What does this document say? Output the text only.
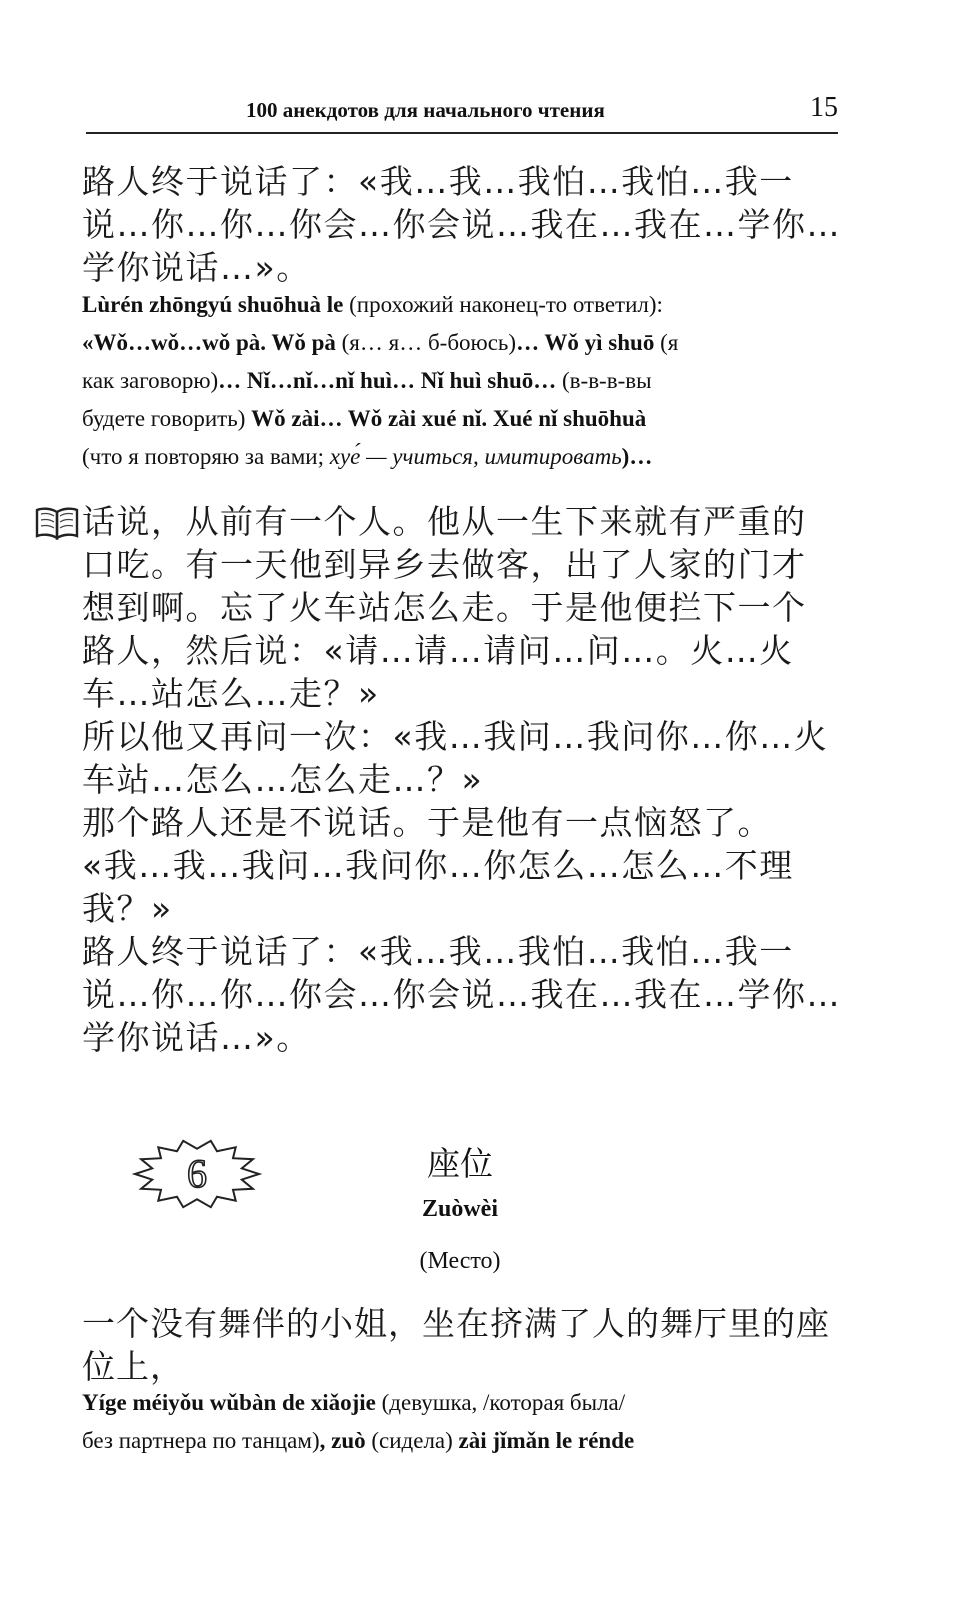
100 анекдотов для начального чтения	15
路人终于说话了：«我…我…我怕…我怕…我一
说…你…你…你会…你会说…我在…我在…学你…
学你说话…»。
Lùrén zhōngyú shuōhuà le (прохожий наконец-то ответил):
«Wǒ…wǒ…wǒ pà. Wǒ pà (я… я… б-боюсь)… Wǒ yì shuō (я
как заговорю)… Nǐ…nǐ…nǐ huì… Nǐ huì shuō… (в-в-в-вы
будете говорить) Wǒ zài… Wǒ zài xué nǐ. Xué nǐ shuōhuà
(что я повторяю за вами; хуе́ — учиться, имитировать)…
话说，从前有一个人。他从一生下来就有严重的
口吃。有一天他到异乡去做客，出了人家的门才
想到啊。忘了火车站怎么走。于是他便拦下一个
路人，然后说：«请…请…请问…问…。火…火
车…站怎么…走？»
所以他又再问一次：«我…我问…我问你…你…火
车站…怎么…怎么走…？»
那个路人还是不说话。于是他有一点恼怒了。
«我…我…我问…我问你…你怎么…怎么…不理
我？»
路人终于说话了：«我…我…我怕…我怕…我一
说…你…你…你会…你会说…我在…我在…学你…
学你说话…»。
6	座位
Zuòwèi
(Место)
一个没有舞伴的小姐，坐在挤满了人的舞厅里的座
位上，
Yíge méiyǒu wǔbàn de xiǎojie (девушка, /которая была/
без партнера по танцам), zuò (сидела) zài jǐmǎn le rénde
